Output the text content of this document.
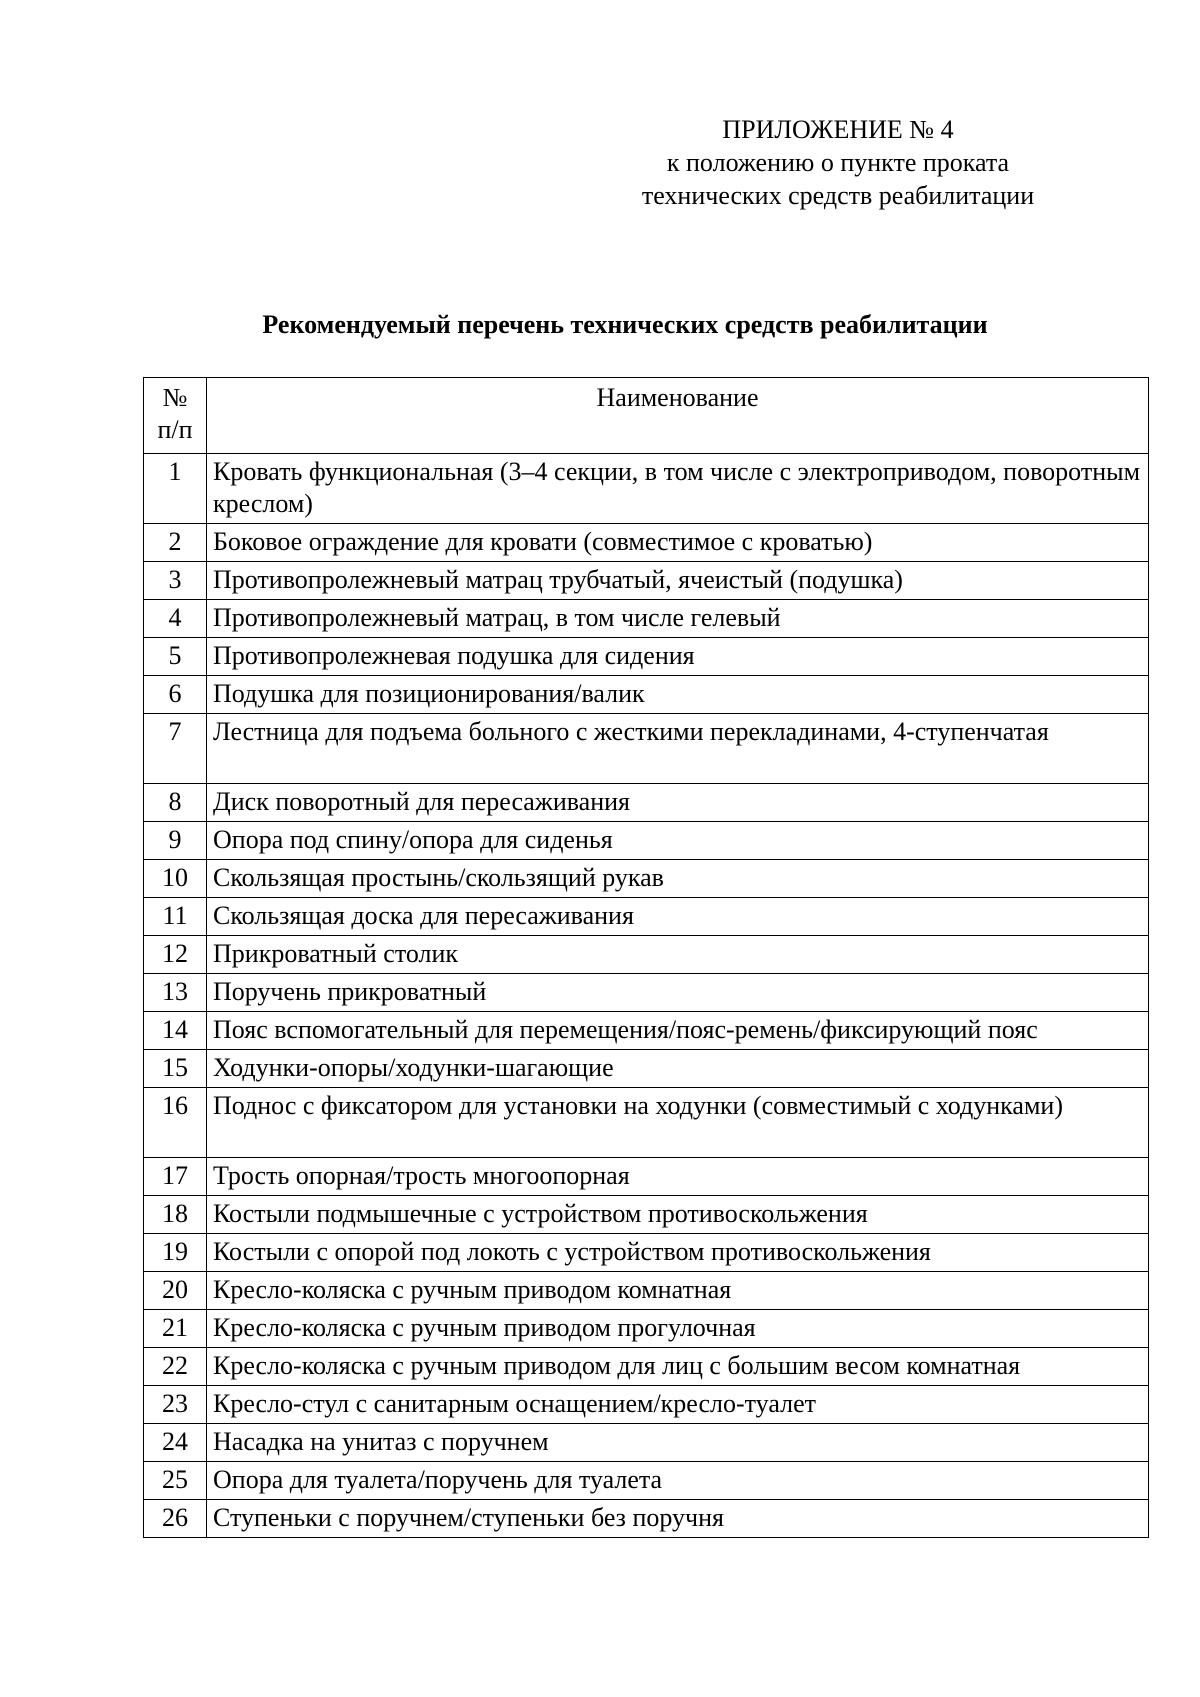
ПРИЛОЖЕНИЕ № 4
к положению о пункте проката
технических средств реабилитации
Рекомендуемый перечень технических средств реабилитации
№
п/п	Наименование

1	Кровать функциональная (3–4 секции, в том числе с электроприводом, поворотным креслом)
2	Боковое ограждение для кровати (совместимое с кроватью)
3	Противопролежневый матрац трубчатый, ячеистый (подушка)
4	Противопролежневый матрац, в том числе гелевый
5	Противопролежневая подушка для сидения
6	Подушка для позиционирования/валик
7	Лестница для подъема больного с жесткими перекладинами, 4-ступенчатая
8	Диск поворотный для пересаживания
9	Опора под спину/опора для сиденья
10	Скользящая простынь/скользящий рукав
11	Скользящая доска для пересаживания
12	Прикроватный столик
13	Поручень прикроватный
14	Пояс вспомогательный для перемещения/пояс-ремень/фиксирующий пояс
15	Ходунки-опоры/ходунки-шагающие
16	Поднос с фиксатором для установки на ходунки (совместимый с ходунками)
17	Трость опорная/трость многоопорная
18	Костыли подмышечные с устройством противоскольжения
19	Костыли с опорой под локоть с устройством противоскольжения
20	Кресло-коляска с ручным приводом комнатная
21	Кресло-коляска с ручным приводом прогулочная
22	Кресло-коляска с ручным приводом для лиц с большим весом комнатная
23	Кресло-стул с санитарным оснащением/кресло-туалет
24	Насадка на унитаз с поручнем
25	Опора для туалета/поручень для туалета
26	Ступеньки с поручнем/ступеньки без поручня
